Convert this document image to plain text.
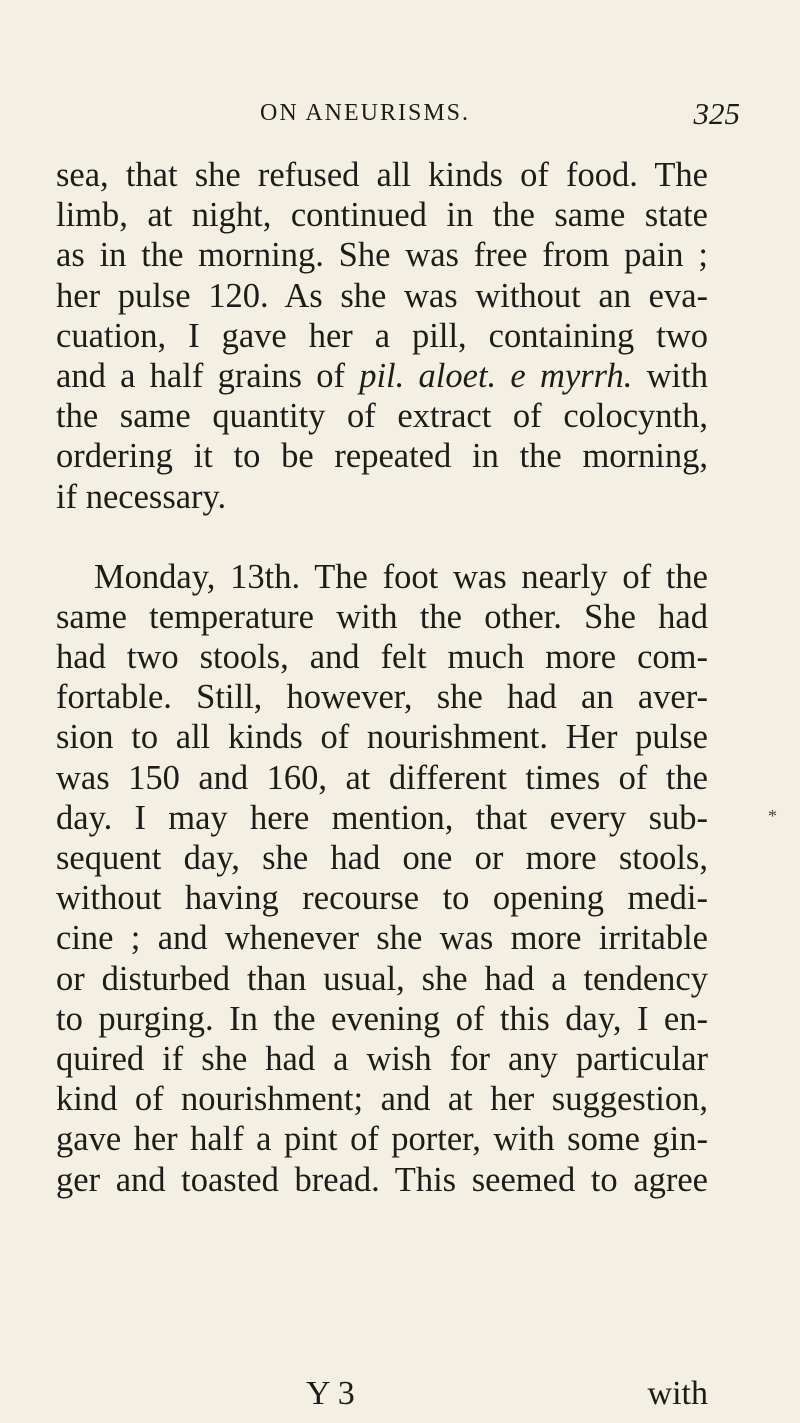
ON ANEURISMS.	325
sea, that she refused all kinds of food. The
limb, at night, continued in the same state
as in the morning. She was free from pain ;
her pulse 120. As she was without an eva-
cuation, I gave her a pill, containing two
and a half grains of pil. aloet. e myrrh. with
the same quantity of extract of colocynth,
ordering it to be repeated in the morning,
if necessary.
Monday, 13th. The foot was nearly of the
same temperature with the other. She had
had two stools, and felt much more com-
fortable. Still, however, she had an aver-
sion to all kinds of nourishment. Her pulse
was 150 and 160, at different times of the
day. I may here mention, that every sub-
sequent day, she had one or more stools,
without having recourse to opening medi-
cine ; and whenever she was more irritable
or disturbed than usual, she had a tendency
to purging. In the evening of this day, I en-
quired if she had a wish for any particular
kind of nourishment; and at her suggestion,
gave her half a pint of porter, with some gin-
ger and toasted bread. This seemed to agree
Y 3	with
*
